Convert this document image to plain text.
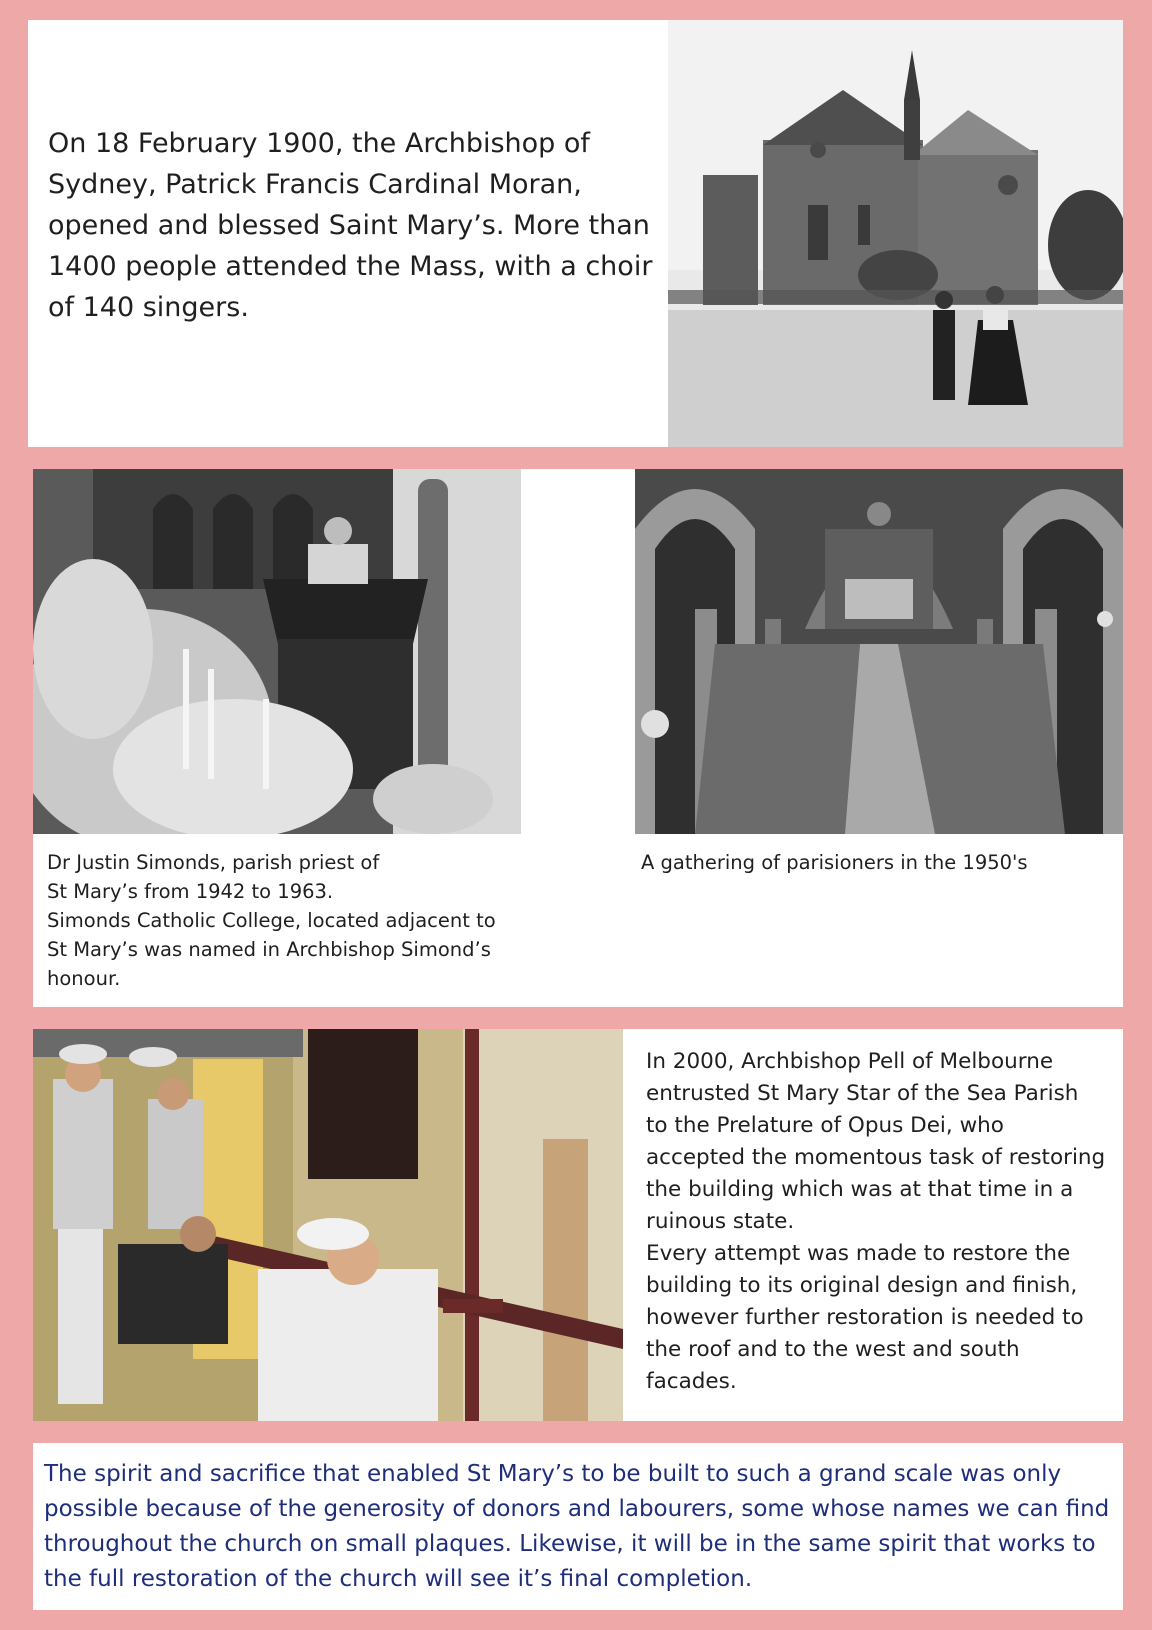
On 18 February 1900, the Archbishop of Sydney, Patrick Francis Cardinal Moran, opened and blessed Saint Mary’s. More than 1400 people attended the Mass, with a choir of 140 singers.

Dr Justin Simonds, parish priest of
St Mary’s from 1942 to 1963.
Simonds Catholic College, located adjacent to
St Mary’s was named in Archbishop Simond’s
honour.

A gathering of parisioners in the 1950's

In 2000, Archbishop Pell of Melbourne entrusted St Mary Star of the Sea Parish to the Prelature of Opus Dei, who accepted the momentous task of restoring the building which was at that time in a ruinous state.
Every attempt was made to restore the building to its original design and finish, however further restoration is needed to the roof and to the west and south facades.

The spirit and sacrifice that enabled St Mary’s to be built to such a grand scale was only possible because of the generosity of donors and labourers, some whose names we can find throughout the church on small plaques. Likewise, it will be in the same spirit that works to the full restoration of the church will see it’s final completion.
